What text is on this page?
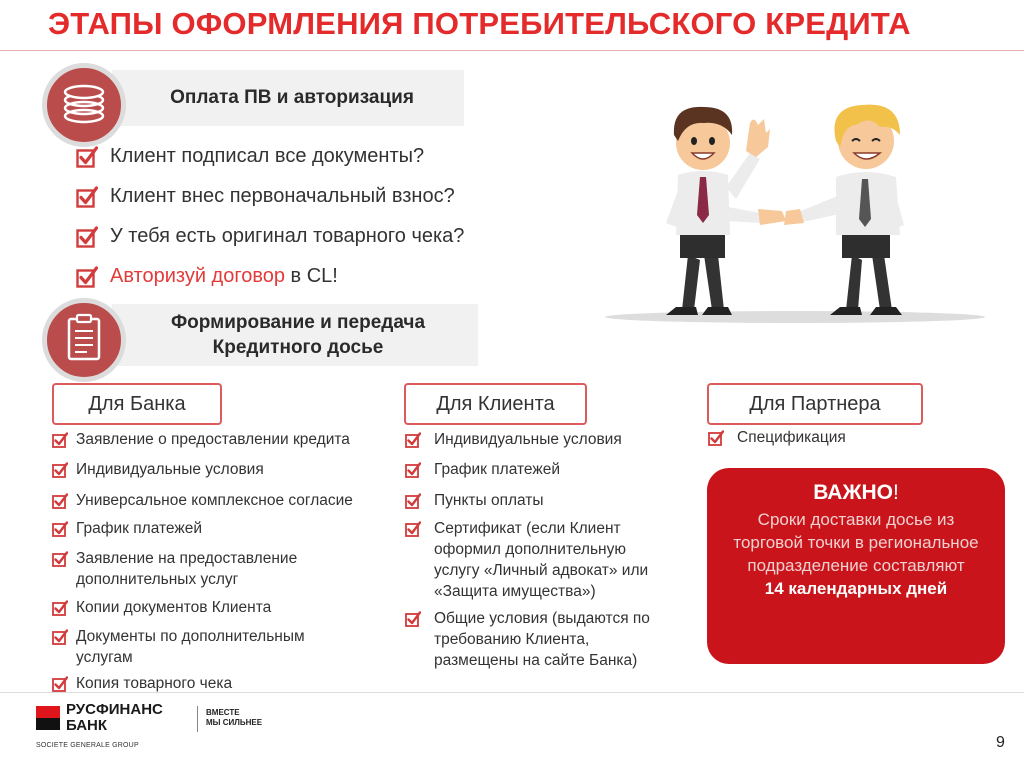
ЭТАПЫ ОФОРМЛЕНИЯ ПОТРЕБИТЕЛЬСКОГО КРЕДИТА
Оплата ПВ и авторизация
Клиент подписал все документы?
Клиент внес первоначальный взнос?
У тебя есть оригинал товарного чека?
Авторизуй договор в CL!
Формирование и передача
Кредитного досье
Для Банка	Для Клиента	Для Партнера
Заявление о предоставлении кредита
Индивидуальные условия
Универсальное комплексное согласие
График платежей
Заявление на предоставление дополнительных услуг
Копии документов Клиента
Документы по дополнительным услугам
Копия товарного чека
Индивидуальные условия
График платежей
Пункты оплаты
Сертификат (если Клиент оформил дополнительную услугу «Личный адвокат» или «Защита имущества»)
Общие условия (выдаются по требованию Клиента, размещены на сайте Банка)
Спецификация
ВАЖНО!
Сроки доставки досье из торговой точки в региональное подразделение составляют
14 календарных дней
РУСФИНАНС
БАНК
SOCIETE GENERALE GROUP
ВМЕСТЕ
МЫ СИЛЬНЕЕ
9
